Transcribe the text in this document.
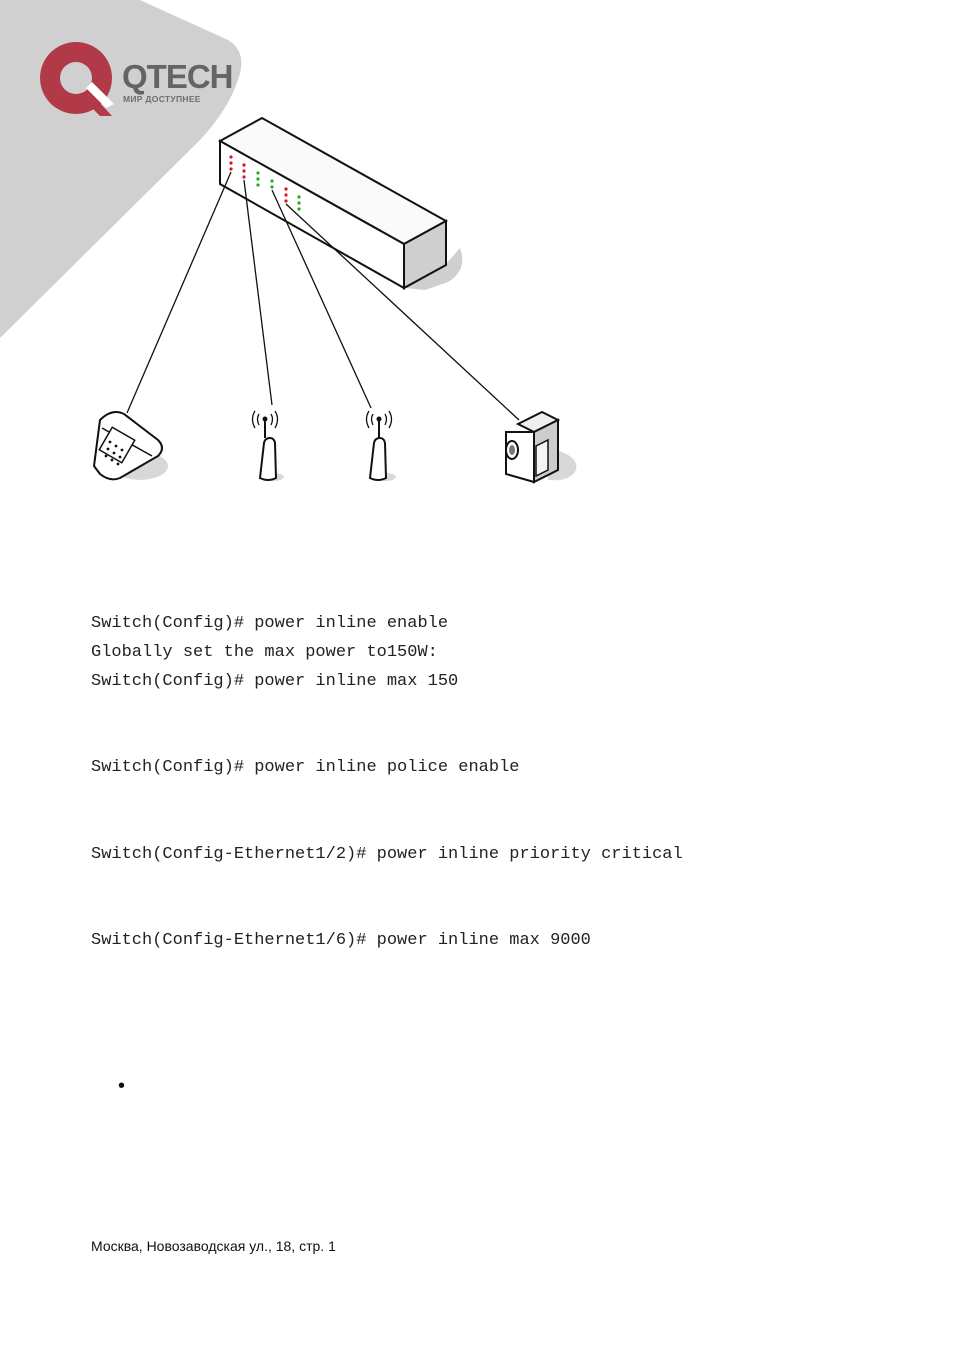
QTECH
МИР ДОСТУПНЕЕ
Switch(Config)# power inline enable
Globally set the max power to150W:
Switch(Config)# power inline max 150
Switch(Config)# power inline police enable
Switch(Config-Ethernet1/2)# power inline priority critical
Switch(Config-Ethernet1/6)# power inline max 9000
•
Москва, Новозаводская ул., 18, стр. 1
